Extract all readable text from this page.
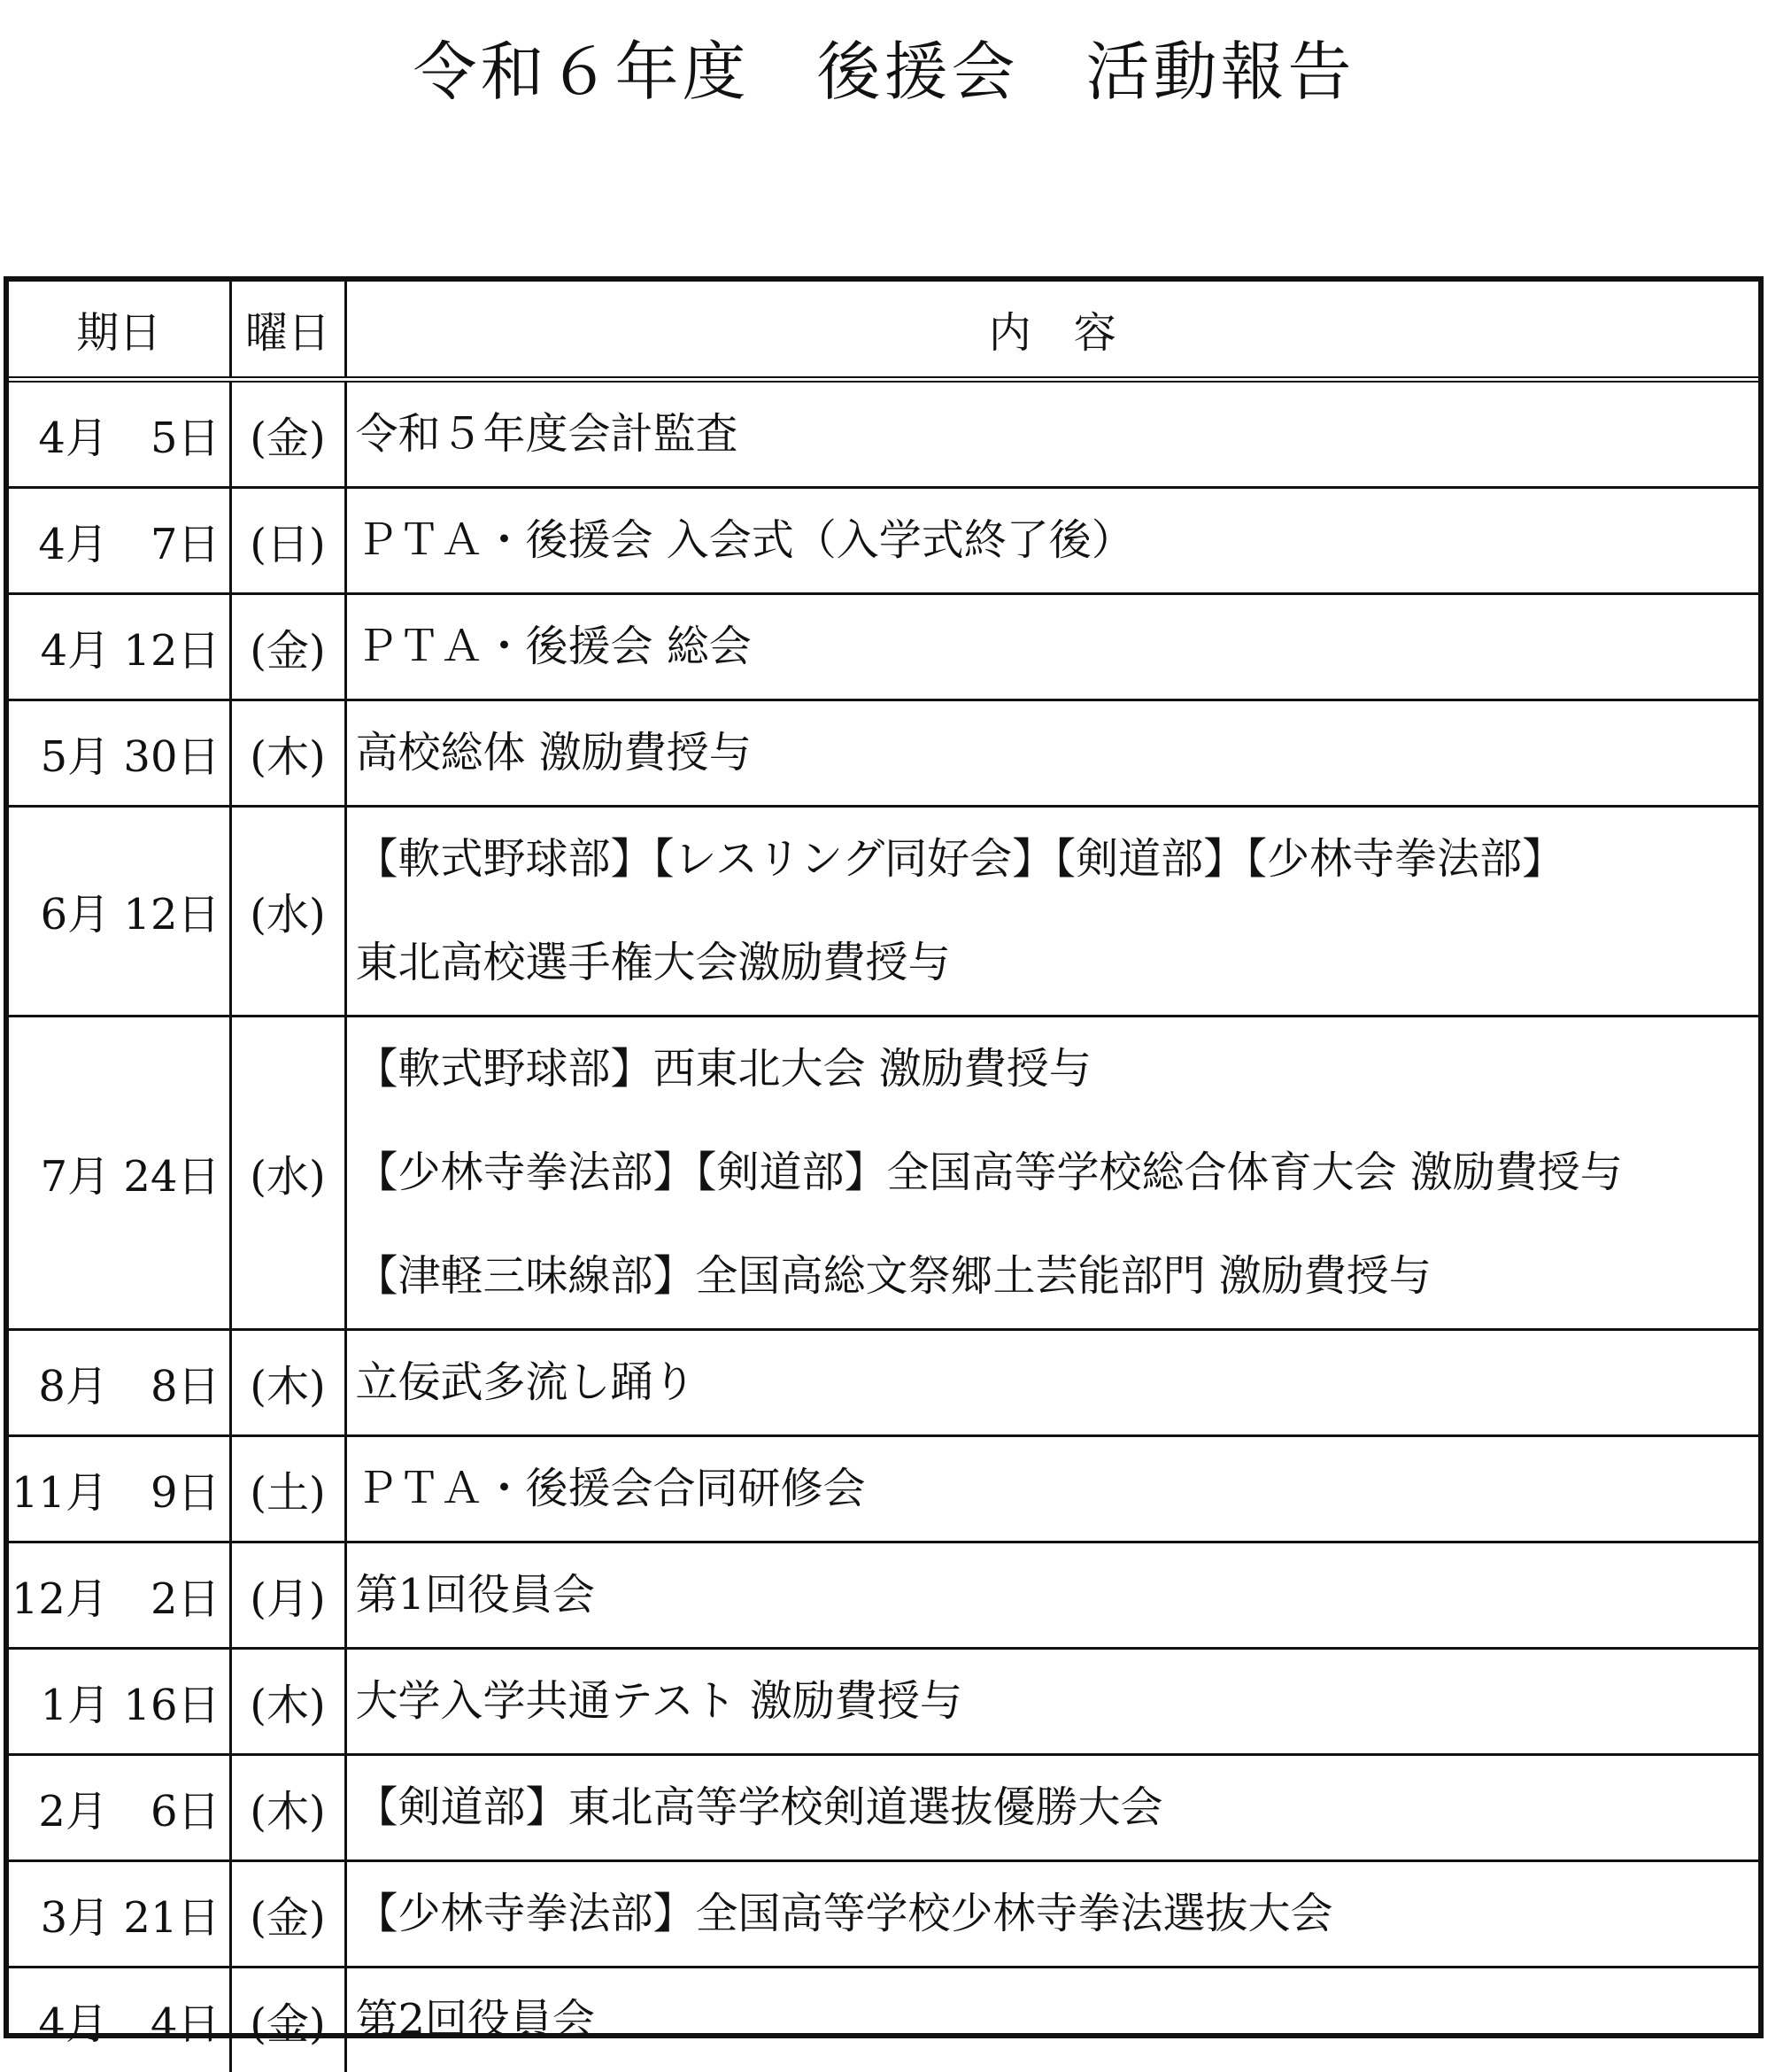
令和６年度　後援会　活動報告
期日	曜日	内　容
4月　5日	(金)	令和５年度会計監査

4月　7日	(日)	ＰＴＡ・後援会 入会式（入学式終了後）

4月 12日	(金)	ＰＴＡ・後援会 総会

5月 30日	(木)	高校総体 激励費授与

6月 12日	(水)	【軟式野球部】【レスリング同好会】【剣道部】【少林寺拳法部】
東北高校選手権大会激励費授与

7月 24日	(水)	【軟式野球部】西東北大会 激励費授与
【少林寺拳法部】【剣道部】全国高等学校総合体育大会 激励費授与
【津軽三味線部】全国高総文祭郷土芸能部門 激励費授与

8月　8日	(木)	立佞武多流し踊り

11月　9日	(土)	ＰＴＡ・後援会合同研修会

12月　2日	(月)	第1回役員会

1月 16日	(木)	大学入学共通テスト 激励費授与

2月　6日	(木)	【剣道部】東北高等学校剣道選抜優勝大会

3月 21日	(金)	【少林寺拳法部】全国高等学校少林寺拳法選抜大会

4月　4日	(金)	第2回役員会
